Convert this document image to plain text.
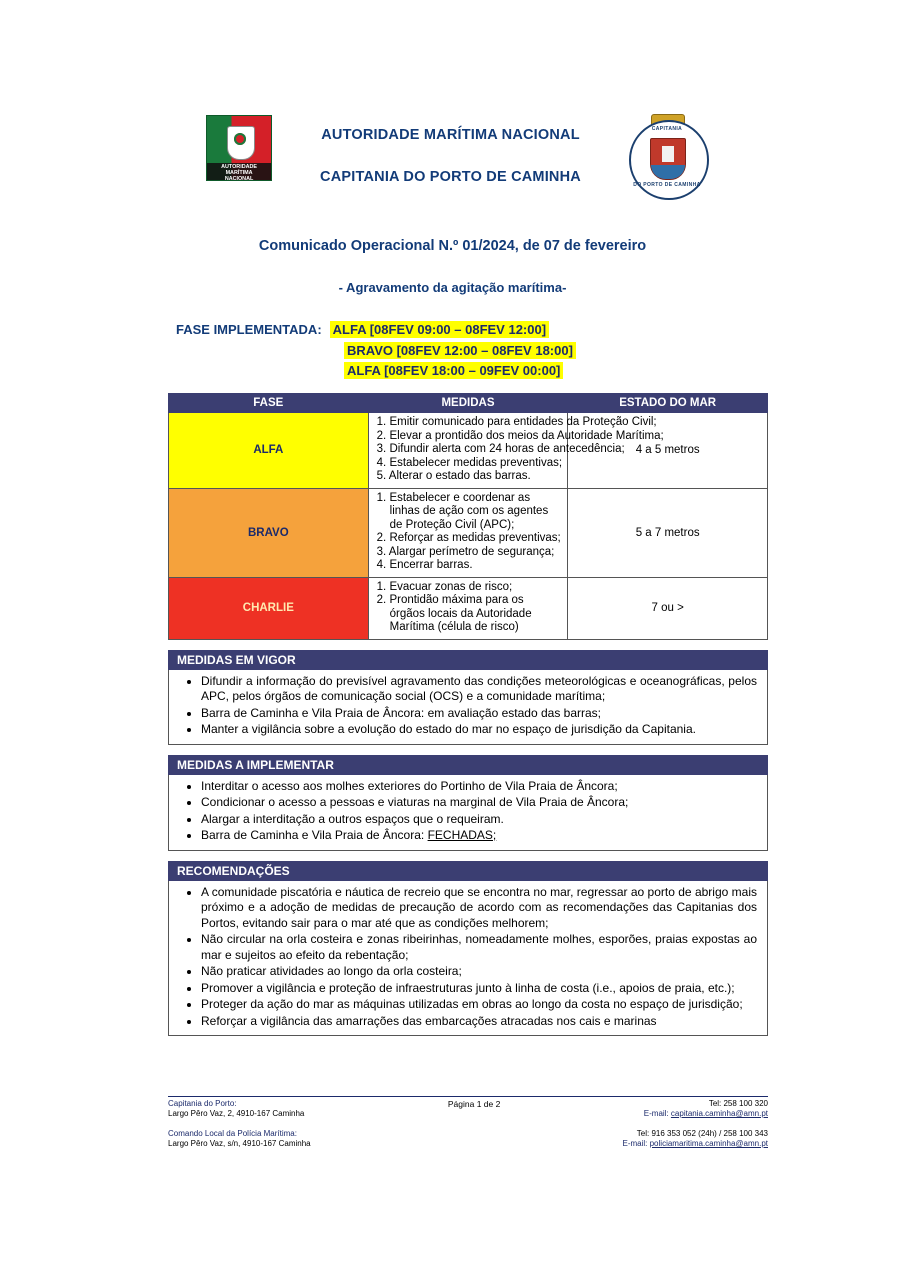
AUTORIDADE
MARÍTIMA
NACIONAL
AUTORIDADE MARÍTIMA NACIONAL
CAPITANIA DO PORTO DE CAMINHA
CAPITANIA
DO PORTO DE CAMINHA
Comunicado Operacional N.º 01/2024, de 07 de fevereiro
- Agravamento da agitação marítima-
FASE IMPLEMENTADA: ALFA [08FEV 09:00 – 08FEV 12:00]
BRAVO [08FEV 12:00 – 08FEV 18:00]
ALFA [08FEV 18:00 – 09FEV 00:00]
FASE	MEDIDAS	ESTADO DO MAR
ALFA	1. Emitir comunicado para entidades da Proteção Civil;
2. Elevar a prontidão dos meios da Autoridade Marítima;
3. Difundir alerta com 24 horas de antecedência;
4. Estabelecer medidas preventivas;
5. Alterar o estado das barras.	4 a 5 metros
BRAVO	1. Estabelecer e coordenar as linhas de ação com os agentes de Proteção Civil (APC);
2. Reforçar as medidas preventivas;
3. Alargar perímetro de segurança;
4. Encerrar barras.	5 a 7 metros
CHARLIE	1. Evacuar zonas de risco;
2. Prontidão máxima para os órgãos locais da Autoridade Marítima (célula de risco)	7 ou >
MEDIDAS EM VIGOR
• Difundir a informação do previsível agravamento das condições meteorológicas e oceanográficas, pelos APC, pelos órgãos de comunicação social (OCS) e a comunidade marítima;
• Barra de Caminha e Vila Praia de Âncora: em avaliação estado das barras;
• Manter a vigilância sobre a evolução do estado do mar no espaço de jurisdição da Capitania.
MEDIDAS A IMPLEMENTAR
• Interditar o acesso aos molhes exteriores do Portinho de Vila Praia de Âncora;
• Condicionar o acesso a pessoas e viaturas na marginal de Vila Praia de Âncora;
• Alargar a interditação a outros espaços que o requeiram.
• Barra de Caminha e Vila Praia de Âncora: FECHADAS;
RECOMENDAÇÕES
• A comunidade piscatória e náutica de recreio que se encontra no mar, regressar ao porto de abrigo mais próximo e a adoção de medidas de precaução de acordo com as recomendações das Capitanias dos Portos, evitando sair para o mar até que as condições melhorem;
• Não circular na orla costeira e zonas ribeirinhas, nomeadamente molhes, esporões, praias expostas ao mar e sujeitos ao efeito da rebentação;
• Não praticar atividades ao longo da orla costeira;
• Promover a vigilância e proteção de infraestruturas junto à linha de costa (i.e., apoios de praia, etc.);
• Proteger da ação do mar as máquinas utilizadas em obras ao longo da costa no espaço de jurisdição;
• Reforçar a vigilância das amarrações das embarcações atracadas nos cais e marinas
Capitania do Porto:
Largo Pêro Vaz, 2, 4910-167 Caminha
Página 1 de 2	Tel: 258 100 320
E-mail: capitania.caminha@amn.pt
Comando Local da Polícia Marítima:
Largo Pêro Vaz, s/n, 4910-167 Caminha
Tel: 916 353 052 (24h) / 258 100 343
E-mail: policiamaritima.caminha@amn.pt
